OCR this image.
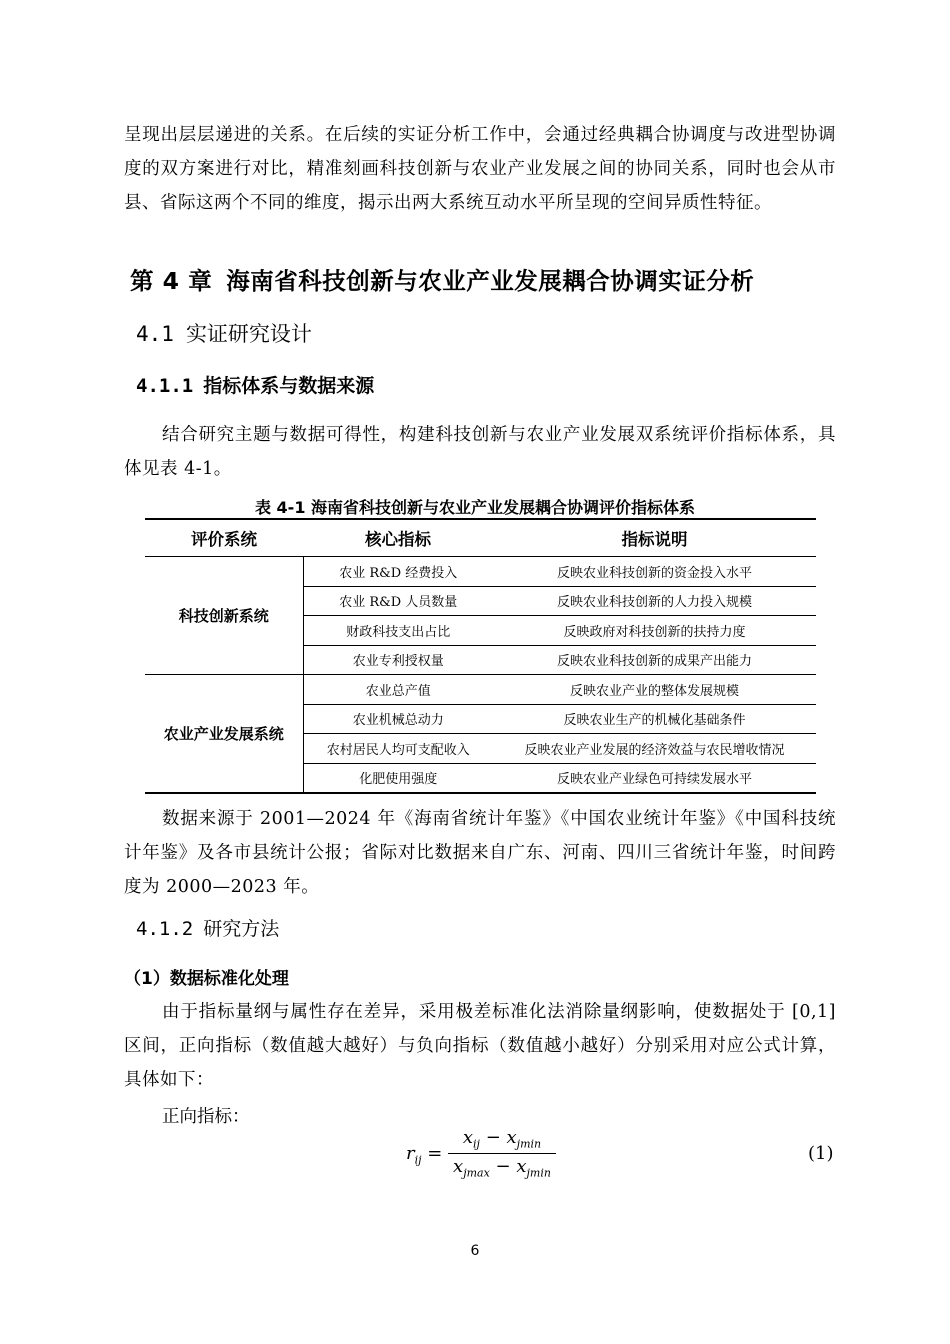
呈现出层层递进的关系。在后续的实证分析工作中，会通过经典耦合协调度与改进型协调度的双方案进行对比，精准刻画科技创新与农业产业发展之间的协同关系，同时也会从市县、省际这两个不同的维度，揭示出两大系统互动水平所呈现的空间异质性特征。
第 4 章 海南省科技创新与农业产业发展耦合协调实证分析
4.1 实证研究设计
4.1.1 指标体系与数据来源
结合研究主题与数据可得性，构建科技创新与农业产业发展双系统评价指标体系，具体见表 4-1。
表 4-1 海南省科技创新与农业产业发展耦合协调评价指标体系
评价系统	核心指标	指标说明
科技创新系统	农业 R&D 经费投入	反映农业科技创新的资金投入水平
	农业 R&D 人员数量	反映农业科技创新的人力投入规模
	财政科技支出占比	反映政府对科技创新的扶持力度
	农业专利授权量	反映农业科技创新的成果产出能力
农业产业发展系统	农业总产值	反映农业产业的整体发展规模
	农业机械总动力	反映农业生产的机械化基础条件
	农村居民人均可支配收入	反映农业产业发展的经济效益与农民增收情况
	化肥使用强度	反映农业产业绿色可持续发展水平
数据来源于 2001—2024 年《海南省统计年鉴》《中国农业统计年鉴》《中国科技统计年鉴》及各市县统计公报；省际对比数据来自广东、河南、四川三省统计年鉴，时间跨度为 2000—2023 年。
4.1.2 研究方法
（1）数据标准化处理
由于指标量纲与属性存在差异，采用极差标准化法消除量纲影响，使数据处于 [0,1] 区间，正向指标（数值越大越好）与负向指标（数值越小越好）分别采用对应公式计算，具体如下：
正向指标：
$r_{ij}$ =
$x_{ij} - x_{jmin}$
$x_{jmax} - x_{jmin}$
(1)
6
